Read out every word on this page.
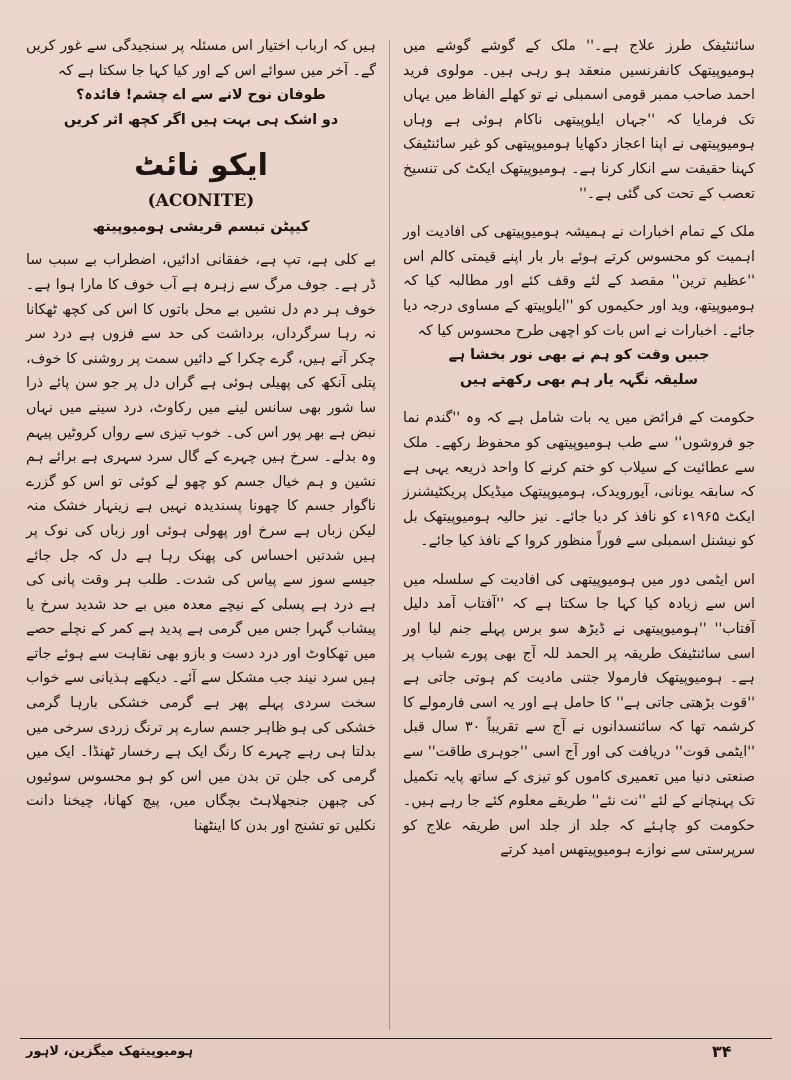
سائنٹیفک طرز علاج ہے۔'' ملک کے گوشے گوشے میں ہومیوپیتھک کانفرنسیں منعقد ہو رہی ہیں۔ مولوی فرید احمد صاحب ممبر قومی اسمبلی نے تو کھلے الفاظ میں یہاں تک فرمایا کہ ''جہاں ایلوپیتھی ناکام ہوئی ہے وہاں ہومیوپیتھی نے اپنا اعجاز دکھایا ہومیوپیتھی کو غیر سائنٹیفک کہنا حقیقت سے انکار کرنا ہے۔ ہومیوپیتھک ایکٹ کی تنسیخ تعصب کے تحت کی گئی ہے۔''

ملک کے تمام اخبارات نے ہمیشہ ہومیوپیتھی کی افادیت اور اہمیت کو محسوس کرتے ہوئے بار بار اپنے قیمتی کالم اس ''عظیم ترین'' مقصد کے لئے وقف کئے اور مطالبہ کیا کہ ہومیوپیتھ، وید اور حکیموں کو ''ایلوپیتھ کے مساوی درجہ دیا جائے۔ اخبارات نے اس بات کو اچھی طرح محسوس کیا کہ

جبیں وقت کو ہم نے بھی نور بخشا ہے

سلیقہ نگہہ یار ہم بھی رکھتے ہیں

حکومت کے فرائض میں یہ بات شامل ہے کہ وہ ''گندم نما جو فروشوں'' سے طب ہومیوپیتھی کو محفوظ رکھے۔ ملک سے عطائیت کے سیلاب کو ختم کرنے کا واحد ذریعہ یہی ہے کہ سابقہ یونانی، آیورویدک، ہومیوپیتھک میڈیکل پریکٹیشنرز ایکٹ ۱۹۶۵ء کو نافذ کر دیا جائے۔ نیز حالیہ ہومیوپیتھک بل کو نیشنل اسمبلی سے فوراً منظور کروا کے نافذ کیا جائے۔

اس ایٹمی دور میں ہومیوپیتھی کی افادیت کے سلسلہ میں اس سے زیادہ کیا کہا جا سکتا ہے کہ ''آفتاب آمد دلیل آفتاب'' ''ہومیوپیتھی نے ڈیڑھ سو برس پہلے جنم لیا اور اسی سائنٹیفک طریقہ پر الحمد للہ آج بھی پورے شباب پر ہے۔ ہومیوپیتھک فارمولا جتنی مادیت کم ہوتی جاتی ہے ''قوت بڑھتی جاتی ہے'' کا حامل ہے اور یہ اسی فارمولے کا کرشمہ تھا کہ سائنسدانوں نے آج سے تقریباً ۳۰ سال قبل ''ایٹمی قوت'' دریافت کی اور آج اسی ''جوہری طاقت'' سے صنعتی دنیا میں تعمیری کاموں کو تیزی کے ساتھ پایہ تکمیل تک پہنچانے کے لئے ''نت نئے'' طریقے معلوم کئے جا رہے ہیں۔

حکومت کو چاہئے کہ جلد از جلد اس طریقہ علاج کو سرپرستی سے نوازے ہومیوپیتھس امید کرتے

ہیں کہ ارباب اختیار اس مسئلہ پر سنجیدگی سے غور کریں گے۔ آخر میں سوائے اس کے اور کیا کہا جا سکتا ہے کہ

طوفان نوح لانے سے اے چشم! فائدہ؟

دو اشک ہی بہت ہیں اگر کچھ اثر کریں

ایکو نائٹ
(ACONITE)
کیپٹن تبسم قریشی ہومیوپیتھ

بے کلی ہے، تپ ہے، خفقانی ادائیں، اضطراب بے سبب سا ڈر ہے۔ جوف مرگ سے زہرہ ہے آب خوف کا مارا ہوا ہے۔ خوف ہر دم دل نشیں بے محل باتوں کا اس کی کچھ ٹھکانا نہ رہا سرگرداں، برداشت کی حد سے فزوں ہے درد سر چکر آتے ہیں، گرے چکرا کے دائیں سمت پر روشنی کا خوف، پتلی آنکھ کی پھیلی ہوئی ہے گراں دل پر جو سن پائے ذرا سا شور بھی سانس لینے میں رکاوٹ، درد سینے میں نہاں نبض ہے بھر پور اس کی۔ خوب تیزی سے رواں کروٹیں پیہم وہ بدلے۔ سرخ ہیں چہرے کے گال سرد سہری ہے برائے ہم نشین و ہم خیال جسم کو چھو لے کوئی تو اس کو گزرے ناگوار جسم کا چھونا پسندیدہ نہیں ہے زینہار خشک منہ لیکن زباں ہے سرخ اور پھولی ہوئی اور زباں کی نوک پر ہیں شدتیں احساس کی پھنک رہا ہے دل کہ جل جائے جیسے سوز سے پیاس کی شدت۔ طلب ہر وقت پانی کی ہے درد ہے پسلی کے نیچے معدہ میں بے حد شدید سرخ یا پیشاب گہرا جس میں گرمی ہے پدید ہے کمر کے نچلے حصے میں تھکاوٹ اور درد دست و بازو بھی نقاہت سے ہوئے جاتے ہیں سرد نیند جب مشکل سے آئے۔ دیکھے ہذیانی سے خواب سخت سردی پہلے پھر ہے گرمی خشکی بارہا گرمی خشکی کی ہو ظاہر جسم سارے پر ترنگ زردی سرخی میں بدلتا ہی رہے چہرے کا رنگ ایک ہے رخسار ٹھنڈا۔ ایک میں گرمی کی جلن تن بدن میں اس کو ہو محسوس سوئیوں کی چبھن جنجھلاہٹ بچگاں میں، پیچ کھانا، چیخنا دانت نکلیں تو تشنج اور بدن کا اینٹھنا

ہومیوپیتھک میگزین، لاہور	۳۴
